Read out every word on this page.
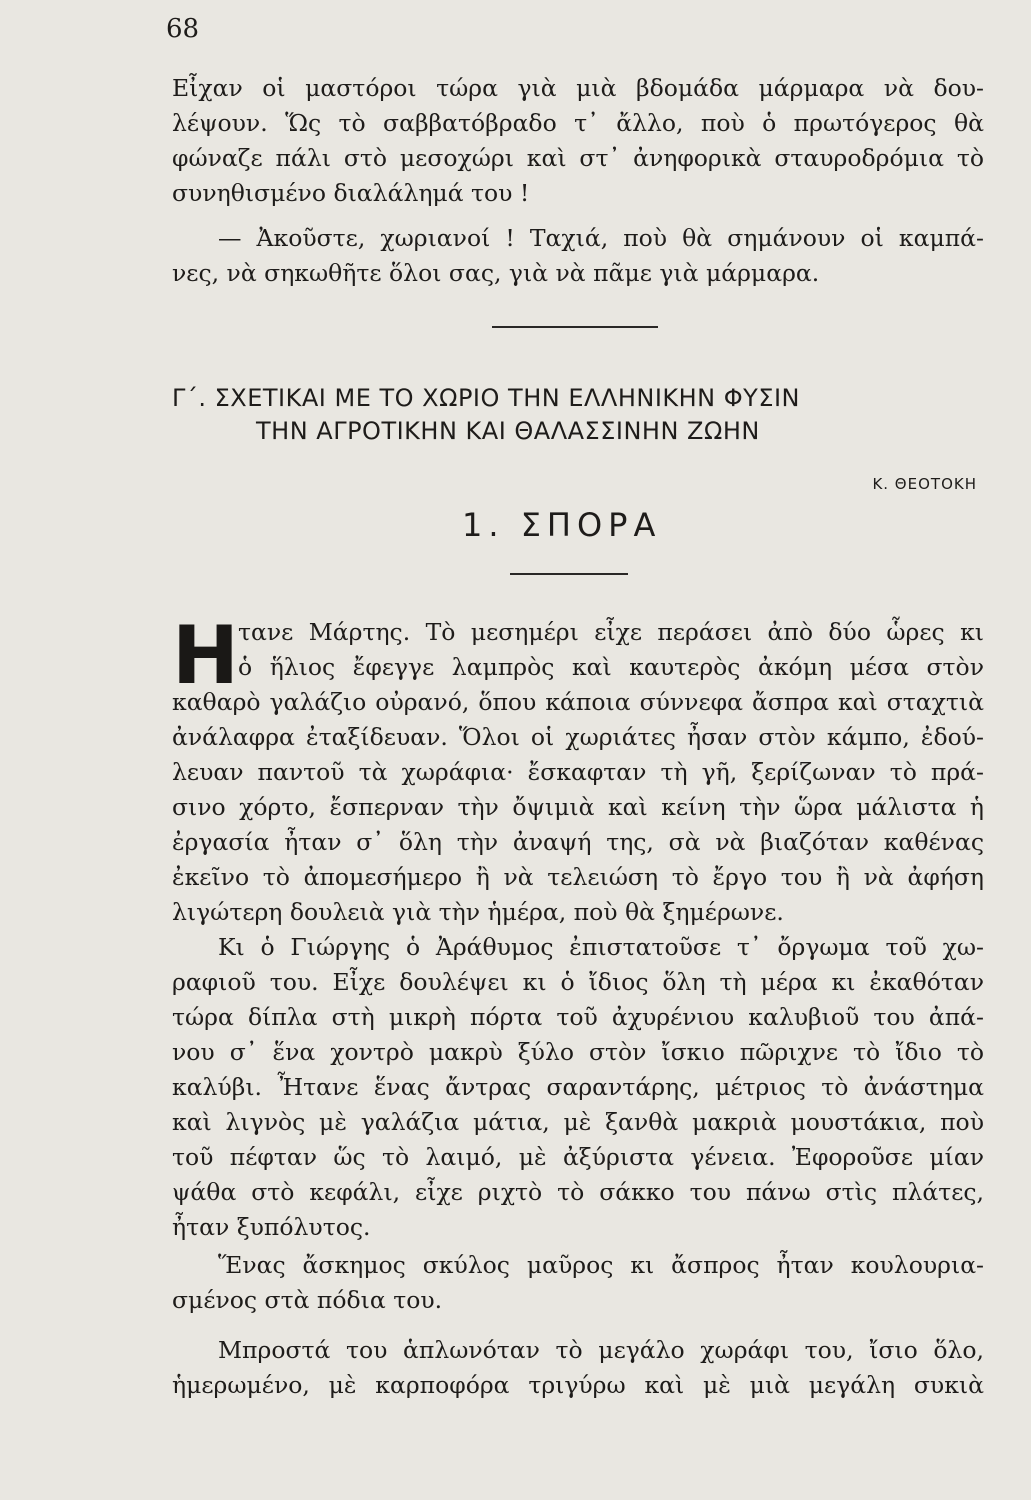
68
Εἶχαν οἱ μαστόροι τώρα γιὰ μιὰ βδομάδα μάρμαρα νὰ δου-
λέψουν. Ὥς τὸ σαββατόβραδο τ᾽ ἄλλο, ποὺ ὁ πρωτόγερος θὰ
φώναζε πάλι στὸ μεσοχώρι καὶ στ᾽ ἀνηφορικὰ σταυροδρόμια τὸ
συνηθισμένο διαλάλημά του !
— Ἀκοῦστε, χωριανοί ! Ταχιά, ποὺ θὰ σημάνουν οἱ καμπά-
νες, νὰ σηκωθῆτε ὅλοι σας, γιὰ νὰ πᾶμε γιὰ μάρμαρα.
Γ΄. ΣΧΕΤΙΚΑΙ ΜΕ ΤΟ ΧΩΡΙΟ ΤΗΝ ΕΛΛΗΝΙΚΗΝ ΦΥΣΙΝ
ΤΗΝ ΑΓΡΟΤΙΚΗΝ ΚΑΙ ΘΑΛΑΣΣΙΝΗΝ ΖΩΗΝ
Κ. ΘΕΟΤΟΚΗ
1. ΣΠΟΡΑ
Η τανε Μάρτης. Τὸ μεσημέρι εἶχε περάσει ἀπὸ δύο ὧρες κι
ὁ ἥλιος ἔφεγγε λαμπρὸς καὶ καυτερὸς ἀκόμη μέσα στὸν
καθαρὸ γαλάζιο οὐρανό, ὅπου κάποια σύννεφα ἄσπρα καὶ σταχτιὰ
ἀνάλαφρα ἐταξίδευαν. Ὅλοι οἱ χωριάτες ἦσαν στὸν κάμπο, ἐδού-
λευαν παντοῦ τὰ χωράφια· ἔσκαφταν τὴ γῆ, ξερίζωναν τὸ πρά-
σινο χόρτο, ἔσπερναν τὴν ὄψιμιὰ καὶ κείνη τὴν ὥρα μάλιστα ἡ
ἐργασία ἦταν σ᾽ ὅλη τὴν ἀναψή της, σὰ νὰ βιαζόταν καθένας
ἐκεῖνο τὸ ἀπομεσήμερο ἢ νὰ τελειώση τὸ ἔργο του ἢ νὰ ἀφήση
λιγώτερη δουλειὰ γιὰ τὴν ἡμέρα, ποὺ θὰ ξημέρωνε.
Κι ὁ Γιώργης ὁ Ἀράθυμος ἐπιστατοῦσε τ᾽ ὄργωμα τοῦ χω-
ραφιοῦ του. Εἶχε δουλέψει κι ὁ ἴδιος ὅλη τὴ μέρα κι ἐκαθόταν
τώρα δίπλα στὴ μικρὴ πόρτα τοῦ ἀχυρένιου καλυβιοῦ του ἀπά-
νου σ᾽ ἕνα χοντρὸ μακρὺ ξύλο στὸν ἴσκιο πῶριχνε τὸ ἴδιο τὸ
καλύβι. Ἦτανε ἕνας ἄντρας σαραντάρης, μέτριος τὸ ἀνάστημα
καὶ λιγνὸς μὲ γαλάζια μάτια, μὲ ξανθὰ μακριὰ μουστάκια, ποὺ
τοῦ πέφταν ὥς τὸ λαιμό, μὲ ἀξύριστα γένεια. Ἐφοροῦσε μίαν
ψάθα στὸ κεφάλι, εἶχε ριχτὸ τὸ σάκκο του πάνω στὶς πλάτες,
ἦταν ξυπόλυτος.
Ἕνας ἄσκημος σκύλος μαῦρος κι ἄσπρος ἦταν κουλουρια-
σμένος στὰ πόδια του.
Μπροστά του ἁπλωνόταν τὸ μεγάλο χωράφι του, ἴσιο ὅλο,
ἡμερωμένο, μὲ καρποφόρα τριγύρω καὶ μὲ μιὰ μεγάλη συκιὰ
